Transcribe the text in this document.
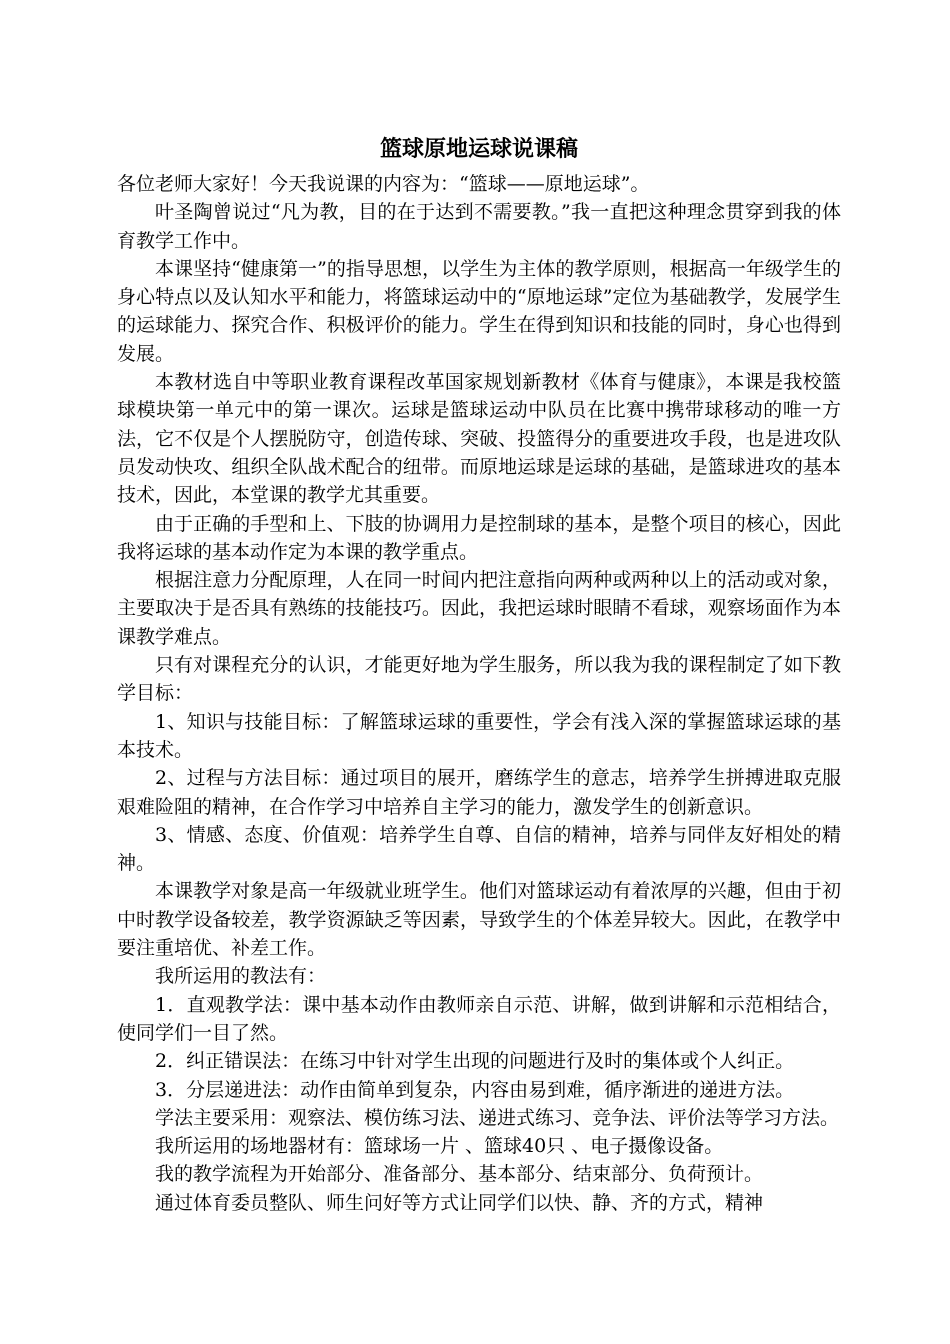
篮球原地运球说课稿

各位老师大家好！今天我说课的内容为：“篮球——原地运球”。

叶圣陶曾说过“凡为教，目的在于达到不需要教。”我一直把这种理念贯穿到我的体育教学工作中。

本课坚持“健康第一”的指导思想，以学生为主体的教学原则，根据高一年级学生的身心特点以及认知水平和能力，将篮球运动中的“原地运球”定位为基础教学，发展学生的运球能力、探究合作、积极评价的能力。学生在得到知识和技能的同时，身心也得到发展。

本教材选自中等职业教育课程改革国家规划新教材《体育与健康》，本课是我校篮球模块第一单元中的第一课次。运球是篮球运动中队员在比赛中携带球移动的唯一方法，它不仅是个人摆脱防守，创造传球、突破、投篮得分的重要进攻手段，也是进攻队员发动快攻、组织全队战术配合的纽带。而原地运球是运球的基础，是篮球进攻的基本技术，因此，本堂课的教学尤其重要。

由于正确的手型和上、下肢的协调用力是控制球的基本，是整个项目的核心，因此我将运球的基本动作定为本课的教学重点。

根据注意力分配原理，人在同一时间内把注意指向两种或两种以上的活动或对象，主要取决于是否具有熟练的技能技巧。因此，我把运球时眼睛不看球，观察场面作为本课教学难点。

只有对课程充分的认识，才能更好地为学生服务，所以我为我的课程制定了如下教学目标：

1、知识与技能目标：了解篮球运球的重要性，学会有浅入深的掌握篮球运球的基本技术。

2、过程与方法目标：通过项目的展开，磨练学生的意志，培养学生拼搏进取克服艰难险阻的精神，在合作学习中培养自主学习的能力，激发学生的创新意识。

3、情感、态度、价值观：培养学生自尊、自信的精神，培养与同伴友好相处的精神。

本课教学对象是高一年级就业班学生。他们对篮球运动有着浓厚的兴趣，但由于初中时教学设备较差，教学资源缺乏等因素，导致学生的个体差异较大。因此，在教学中要注重培优、补差工作。

我所运用的教法有：

1．直观教学法：课中基本动作由教师亲自示范、讲解，做到讲解和示范相结合，使同学们一目了然。

2．纠正错误法：在练习中针对学生出现的问题进行及时的集体或个人纠正。

3．分层递进法：动作由简单到复杂，内容由易到难，循序渐进的递进方法。

学法主要采用：观察法、模仿练习法、递进式练习、竞争法、评价法等学习方法。

我所运用的场地器材有：篮球场一片 、篮球40只 、电子摄像设备。

我的教学流程为开始部分、准备部分、基本部分、结束部分、负荷预计。

通过体育委员整队、师生问好等方式让同学们以快、静、齐的方式，精神
